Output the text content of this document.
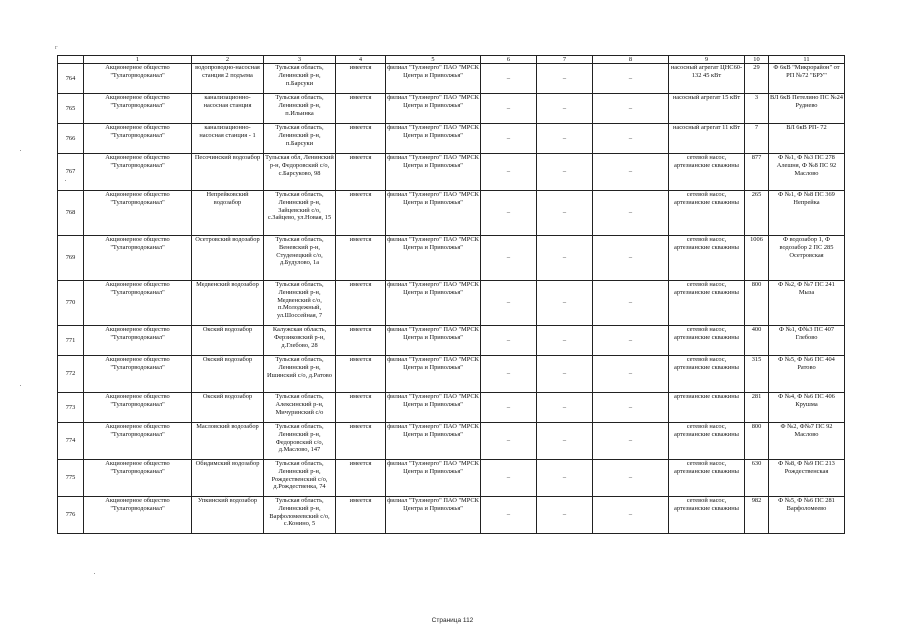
г
	1	2	3	4	5	6	7	8	9	10	11
764	Акционерное общество "Тулагорводоканал"	водопроводно-насосная станция 2 подъема	Тульская область, Ленинский р-н, п.Барсуки	имеется	филиал "Тулэнерго" ПАО "МРСК Центра и Приволжья"	–	–	–	насосный агрегат ЦНС60-132 45 кВт	29	Ф 6кВ "Микрорайон" от РП №72 "БРУ"
765	Акционерное общество "Тулагорводоканал"	канализационно-насосная станция	Тульская область, Ленинский р-н, п.Ильинка	имеется	филиал "Тулэнерго" ПАО "МРСК Центра и Приволжья"	–	–	–	насосный агрегат 15 кВт	3	ВЛ 6кВ Петелино ПС №24 Руднево
766	Акционерное общество "Тулагорводоканал"	канализационно-насосная станция - 1	Тульская область, Ленинский р-н, п.Барсуки	имеется	филиал "Тулэнерго" ПАО "МРСК Центра и Приволжья"	–	–	–	насосный агрегат 11 кВт	7	ВЛ 6кВ РП- 72
767	Акционерное общество "Тулагорводоканал"	Песочинский водозабор	Тульская обл, Ленинский р-н, Федоровский с/о, с.Барсуково, 98	имеется	филиал "Тулэнерго" ПАО "МРСК Центра и Приволжья"	–	–	–	сетевой насос, артезианские скважины	877	Ф №1, Ф №3 ПС 278 Алешня, Ф №8 ПС 92 Маслово
768	Акционерное общество "Тулагорводоканал"	Непрейковский водозабор	Тульская область, Ленинский р-н, Зайцевский с/о, с.Зайцево, ул.Новая, 15	имеется	филиал "Тулэнерго" ПАО "МРСК Центра и Приволжья"	–	–	–	сетевой насос, артезианские скважины	265	Ф №1, Ф №8 ПС 369 Непрейка
769	Акционерное общество "Тулагорводоканал"	Осетровский водозабор	Тульская область, Веневский р-н, Студенецкий с/о, д.Будулово, 1а	имеется	филиал "Тулэнерго" ПАО "МРСК Центра и Приволжья"	–	–	–	сетевой насос, артезианские скважины	1006	Ф водозабор 1, Ф водозабор 2 ПС 285 Осетровская
770	Акционерное общество "Тулагорводоканал"	Медвенский водозабор	Тульская область, Ленинский р-н, Медвенский с/о, п.Молодежный, ул.Шоссейная, 7	имеется	филиал "Тулэнерго" ПАО "МРСК Центра и Приволжья"	–	–	–	сетевой насос, артезианские скважины	800	Ф №2, Ф №7 ПС 241 Мыза
771	Акционерное общество "Тулагорводоканал"	Окский водозабор	Калужская область, Ферзиковский р-н, д.Глебово, 28	имеется	филиал "Тулэнерго" ПАО "МРСК Центра и Приволжья"	–	–	–	сетевой насос, артезианские скважины	400	Ф №1, Ф№3 ПС 407 Глебово
772	Акционерное общество "Тулагорводоканал"	Окский водозабор	Тульская область, Ленинский р-н, Ишинский с/о, д.Ратово	имеется	филиал "Тулэнерго" ПАО "МРСК Центра и Приволжья"	–	–	–	сетевой насос, артезианские скважины	315	Ф №5, Ф №6 ПС 404 Ратово
773	Акционерное общество "Тулагорводоканал"	Окский водозабор	Тульская область, Алексинский р-н, Мичуринский с/о	имеется	филиал "Тулэнерго" ПАО "МРСК Центра и Приволжья"	–	–	–	артезианские скважины	281	Ф №4, Ф №6 ПС 406 Крушма
774	Акционерное общество "Тулагорводоканал"	Масловский водозабор	Тульская область, Ленинский р-н, Федоровский с/о, д.Маслово, 147	имеется	филиал "Тулэнерго" ПАО "МРСК Центра и Приволжья"	–	–	–	сетевой насос, артезианские скважины	800	Ф №2, Ф№7 ПС 92 Маслово
775	Акционерное общество "Тулагорводоканал"	Обидимский водозабор	Тульская область, Ленинский р-н, Рождественский с/о, д.Рождественка, 74	имеется	филиал "Тулэнерго" ПАО "МРСК Центра и Приволжья"	–	–	–	сетевой насос, артезианские скважины	630	Ф №8, Ф №9 ПС 213 Рождественская
776	Акционерное общество "Тулагорводоканал"	Упкинский водозабор	Тульская область, Ленинский р-н, Варфоломеевский с/о, с.Конино, 5	имеется	филиал "Тулэнерго" ПАО "МРСК Центра и Приволжья"	–	–	–	сетевой насос, артезианские скважины	982	Ф №5, Ф №6 ПС 281 Варфоломеево
Страница 112
